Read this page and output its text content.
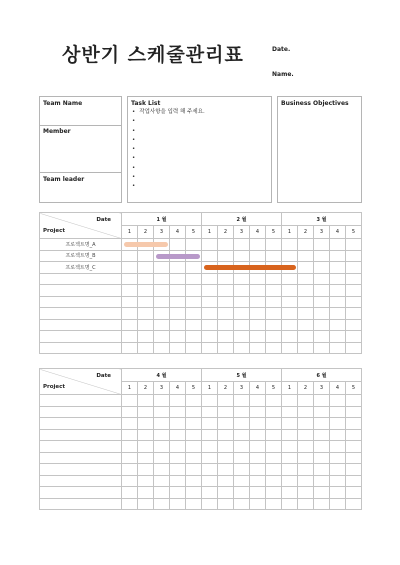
상반기 스케줄관리표	Date.
Name.
Team Name
Member
Team leader
Task List
• 작업사항을 입력 해 주세요.
•
•
•
•
•
•
•
•
Business Objectives
Date
Project	1 월					2 월					3 월				
	1	2	3	4	5	1	2	3	4	5	1	2	3	4	5
프로젝트명_A	

프로젝트명_B			

프로젝트명_C						

Date
Project	4 월					5 월					6 월				
	1	2	3	4	5	1	2	3	4	5	1	2	3	4	5
